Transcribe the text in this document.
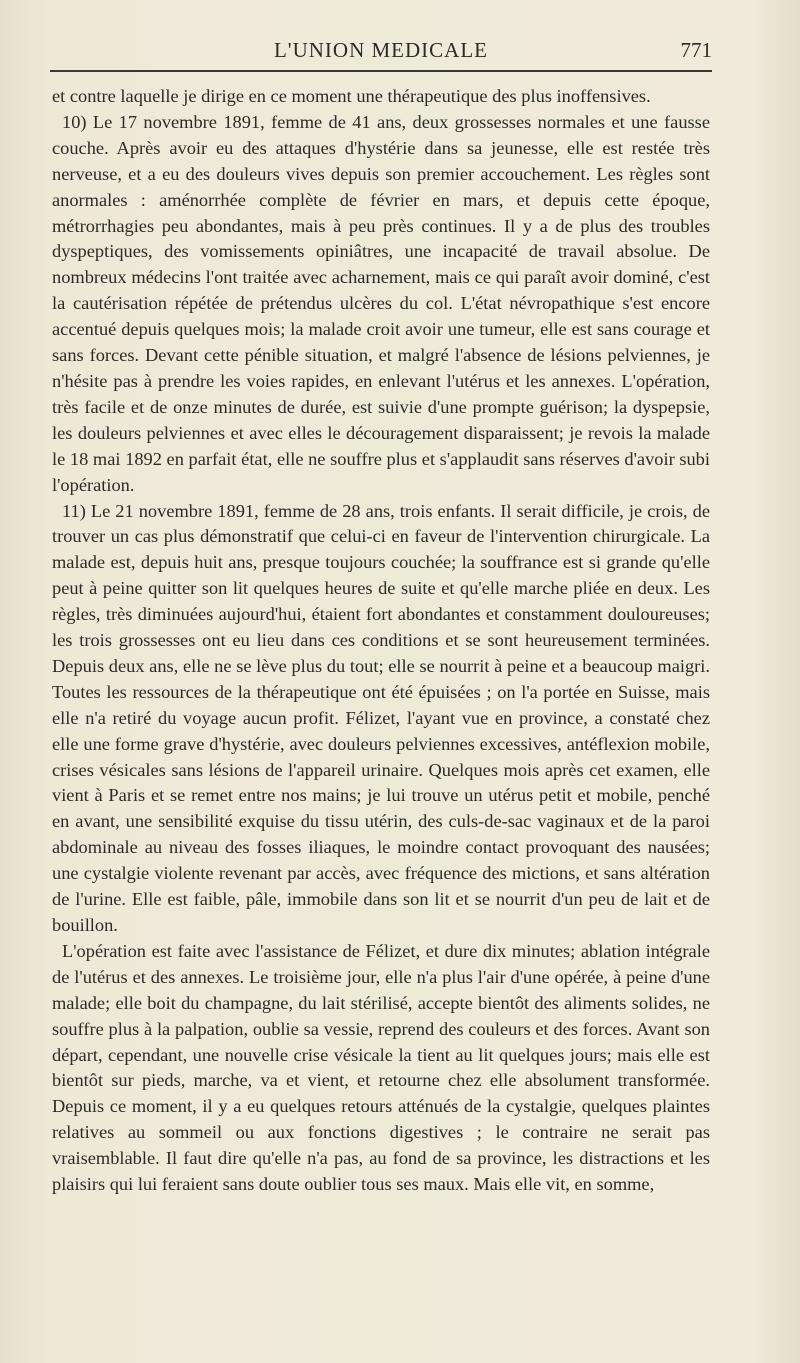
L'UNION MEDICALE	771

et contre laquelle je dirige en ce moment une thérapeutique des plus inoffensives.

10) Le 17 novembre 1891, femme de 41 ans, deux grossesses normales et une fausse couche. Après avoir eu des attaques d'hystérie dans sa jeunesse, elle est restée très nerveuse, et a eu des douleurs vives depuis son premier accouchement. Les règles sont anormales : aménorrhée complète de février en mars, et depuis cette époque, métrorrhagies peu abondantes, mais à peu près continues. Il y a de plus des troubles dyspeptiques, des vomissements opiniâtres, une incapacité de travail absolue. De nombreux médecins l'ont traitée avec acharnement, mais ce qui paraît avoir dominé, c'est la cautérisation répétée de prétendus ulcères du col. L'état névropathique s'est encore accentué depuis quelques mois; la malade croit avoir une tumeur, elle est sans courage et sans forces. Devant cette pénible situation, et malgré l'absence de lésions pelviennes, je n'hésite pas à prendre les voies rapides, en enlevant l'utérus et les annexes. L'opération, très facile et de onze minutes de durée, est suivie d'une prompte guérison; la dyspepsie, les douleurs pelviennes et avec elles le découragement disparaissent; je revois la malade le 18 mai 1892 en parfait état, elle ne souffre plus et s'applaudit sans réserves d'avoir subi l'opération.

11) Le 21 novembre 1891, femme de 28 ans, trois enfants. Il serait difficile, je crois, de trouver un cas plus démonstratif que celui-ci en faveur de l'intervention chirurgicale. La malade est, depuis huit ans, presque toujours couchée; la souffrance est si grande qu'elle peut à peine quitter son lit quelques heures de suite et qu'elle marche pliée en deux. Les règles, très diminuées aujourd'hui, étaient fort abondantes et constamment douloureuses; les trois grossesses ont eu lieu dans ces conditions et se sont heureusement terminées. Depuis deux ans, elle ne se lève plus du tout; elle se nourrit à peine et a beaucoup maigri. Toutes les ressources de la thérapeutique ont été épuisées ; on l'a portée en Suisse, mais elle n'a retiré du voyage aucun profit. Félizet, l'ayant vue en province, a constaté chez elle une forme grave d'hystérie, avec douleurs pelviennes excessives, antéflexion mobile, crises vésicales sans lésions de l'appareil urinaire. Quelques mois après cet examen, elle vient à Paris et se remet entre nos mains; je lui trouve un utérus petit et mobile, penché en avant, une sensibilité exquise du tissu utérin, des culs-de-sac vaginaux et de la paroi abdominale au niveau des fosses iliaques, le moindre contact provoquant des nausées; une cystalgie violente revenant par accès, avec fréquence des mictions, et sans altération de l'urine. Elle est faible, pâle, immobile dans son lit et se nourrit d'un peu de lait et de bouillon.

L'opération est faite avec l'assistance de Félizet, et dure dix minutes; ablation intégrale de l'utérus et des annexes. Le troisième jour, elle n'a plus l'air d'une opérée, à peine d'une malade; elle boit du champagne, du lait stérilisé, accepte bientôt des aliments solides, ne souffre plus à la palpation, oublie sa vessie, reprend des couleurs et des forces. Avant son départ, cependant, une nouvelle crise vésicale la tient au lit quelques jours; mais elle est bientôt sur pieds, marche, va et vient, et retourne chez elle absolument transformée. Depuis ce moment, il y a eu quelques retours atténués de la cystalgie, quelques plaintes relatives au sommeil ou aux fonctions digestives ; le contraire ne serait pas vraisemblable. Il faut dire qu'elle n'a pas, au fond de sa province, les distractions et les plaisirs qui lui feraient sans doute oublier tous ses maux. Mais elle vit, en somme,
